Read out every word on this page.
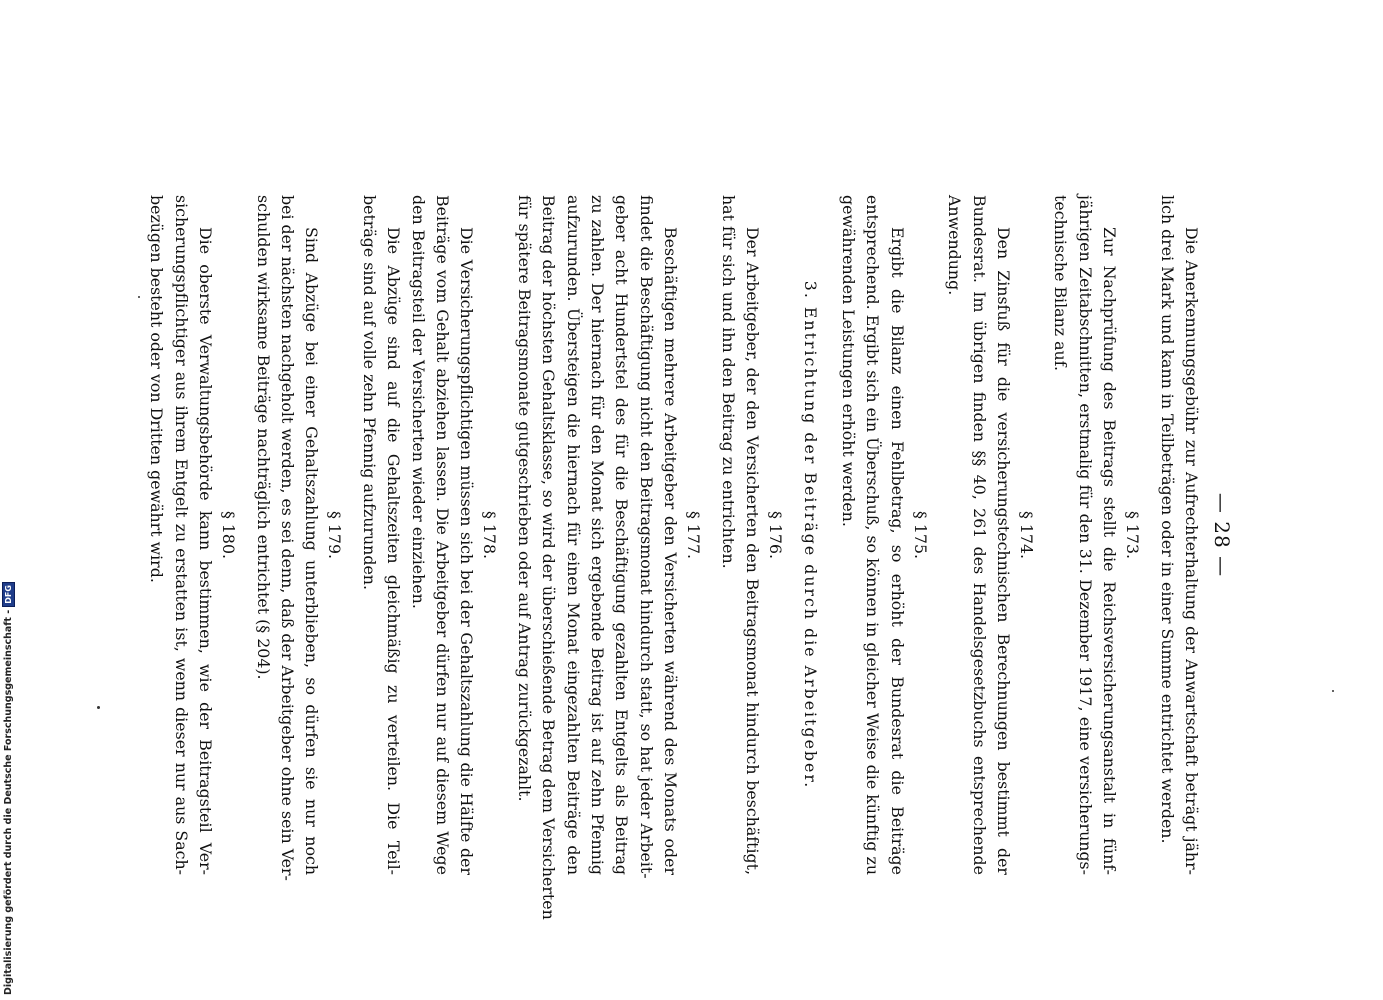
— 28 —
Die Anerkennungsgebühr zur Aufrechterhaltung der Anwartschaft beträgt jähr-
lich drei Mark und kann in Teilbeträgen oder in einer Summe entrichtet werden.
§ 173.
Zur Nachprüfung des Beitrags stellt die Reichsversicherungsanstalt in fünf-
jährigen Zeitabschnitten, erstmalig für den 31. Dezember 1917, eine versicherungs-
technische Bilanz auf.
§ 174.
Den Zinsfuß für die versicherungstechnischen Berechnungen bestimmt der
Bundesrat. Im übrigen finden §§ 40, 261 des Handelsgesetzbuchs entsprechende
Anwendung.
§ 175.
Ergibt die Bilanz einen Fehlbetrag, so erhöht der Bundesrat die Beiträge
entsprechend. Ergibt sich ein Überschuß, so können in gleicher Weise die künftig zu
gewährenden Leistungen erhöht werden.
3. Entrichtung der Beiträge durch die Arbeitgeber.
§ 176.
Der Arbeitgeber, der den Versicherten den Beitragsmonat hindurch beschäftigt,
hat für sich und ihn den Beitrag zu entrichten.
§ 177.
Beschäftigen mehrere Arbeitgeber den Versicherten während des Monats oder
findet die Beschäftigung nicht den Beitragsmonat hindurch statt, so hat jeder Arbeit-
geber acht Hundertstel des für die Beschäftigung gezahlten Entgelts als Beitrag
zu zahlen. Der hiernach für den Monat sich ergebende Beitrag ist auf zehn Pfennig
aufzurunden. Übersteigen die hiernach für einen Monat eingezahlten Beiträge den
Beitrag der höchsten Gehaltsklasse, so wird der überschießende Betrag dem Versicherten
für spätere Beitragsmonate gutgeschrieben oder auf Antrag zurückgezahlt.
§ 178.
Die Versicherungspflichtigen müssen sich bei der Gehaltszahlung die Hälfte der
Beiträge vom Gehalt abziehen lassen. Die Arbeitgeber dürfen nur auf diesem Wege
den Beitragsteil der Versicherten wieder einziehen.
Die Abzüge sind auf die Gehaltszeiten gleichmäßig zu verteilen. Die Teil-
beträge sind auf volle zehn Pfennig aufzurunden.
§ 179.
Sind Abzüge bei einer Gehaltszahlung unterblieben, so dürfen sie nur noch
bei der nächsten nachgeholt werden, es sei denn, daß der Arbeitgeber ohne sein Ver-
schulden wirksame Beiträge nachträglich entrichtet (§ 204).
§ 180.
Die oberste Verwaltungsbehörde kann bestimmen, wie der Beitragsteil Ver-
sicherungspflichtiger aus ihrem Entgelt zu erstatten ist, wenn dieser nur aus Sach-
bezügen besteht oder von Dritten gewährt wird.
Digitalisierung gefördert durch die Deutsche Forschungsgemeinschaft -
DFG
